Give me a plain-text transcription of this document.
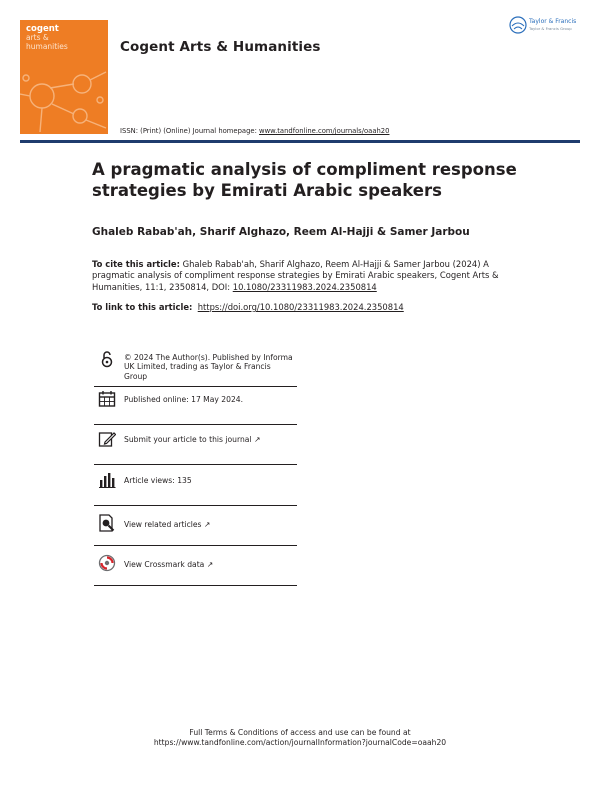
cogent
arts &
humanities	Cogent Arts & Humanities
Taylor & Francis
Taylor & Francis Group
ISSN: (Print) (Online) Journal homepage: www.tandfonline.com/journals/oaah20
A pragmatic analysis of compliment response strategies by Emirati Arabic speakers
Ghaleb Rabab'ah, Sharif Alghazo, Reem Al-Hajji & Samer Jarbou
To cite this article: Ghaleb Rabab'ah, Sharif Alghazo, Reem Al-Hajji & Samer Jarbou (2024) A pragmatic analysis of compliment response strategies by Emirati Arabic speakers, Cogent Arts & Humanities, 11:1, 2350814, DOI: 10.1080/23311983.2024.2350814
To link to this article: https://doi.org/10.1080/23311983.2024.2350814
© 2024 The Author(s). Published by Informa UK Limited, trading as Taylor & Francis Group
Published online: 17 May 2024.
Submit your article to this journal ↗
Article views: 135
View related articles ↗
View Crossmark data ↗
Full Terms & Conditions of access and use can be found at
https://www.tandfonline.com/action/journalInformation?journalCode=oaah20
